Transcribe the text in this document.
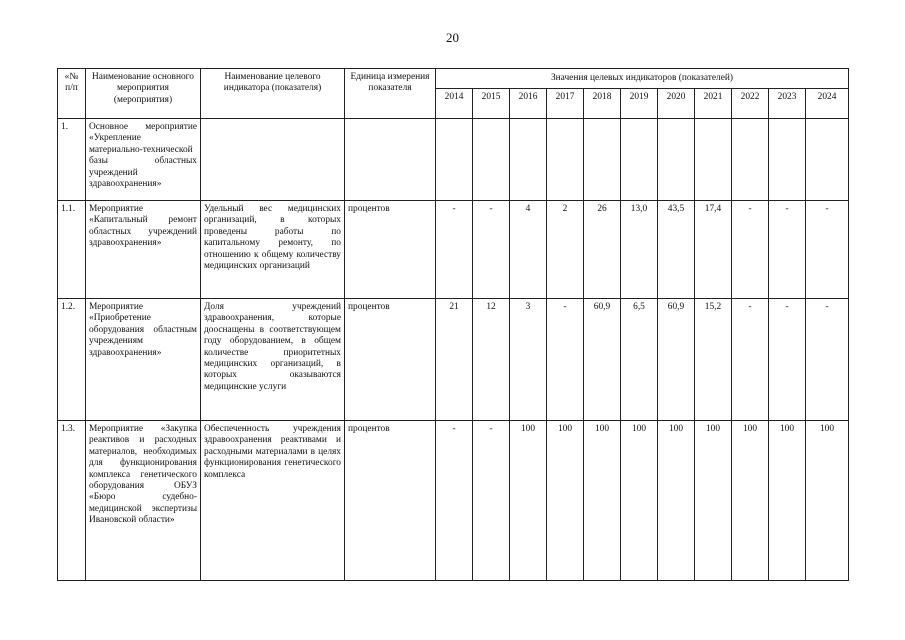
20
«№ п/п	Наименование основного мероприятия (мероприятия)	Наименование целевого индикатора (показателя)	Единица измерения показателя	Значения целевых индикаторов (показателей)										
				2014	2015	2016	2017	2018	2019	2020	2021	2022	2023	2024
1.	Основное мероприятие «Укрепление материально-технической базы областных учреждений здравоохранения»													
1.1.	Мероприятие «Капитальный ремонт областных учреждений здравоохранения»	Удельный вес медицинских организаций, в которых проведены работы по капитальному ремонту, по отношению к общему количеству медицинских организаций	процентов	-	-	4	2	26	13,0	43,5	17,4	-	-	-
1.2.	Мероприятие «Приобретение оборудования областным учреждениям здравоохранения»	Доля учреждений здравоохранения, которые дооснащены в соответствующем году оборудованием, в общем количестве приоритетных медицинских организаций, в которых оказываются медицинские услуги	процентов	21	12	3	-	60,9	6,5	60,9	15,2	-	-	-
1.3.	Мероприятие «Закупка реактивов и расходных материалов, необходимых для функционирования комплекса генетического оборудования ОБУЗ «Бюро судебно-медицинской экспертизы Ивановской области»	Обеспеченность учреждения здравоохранения реактивами и расходными материалами в целях функционирования генетического комплекса	процентов	-	-	100	100	100	100	100	100	100	100	100
